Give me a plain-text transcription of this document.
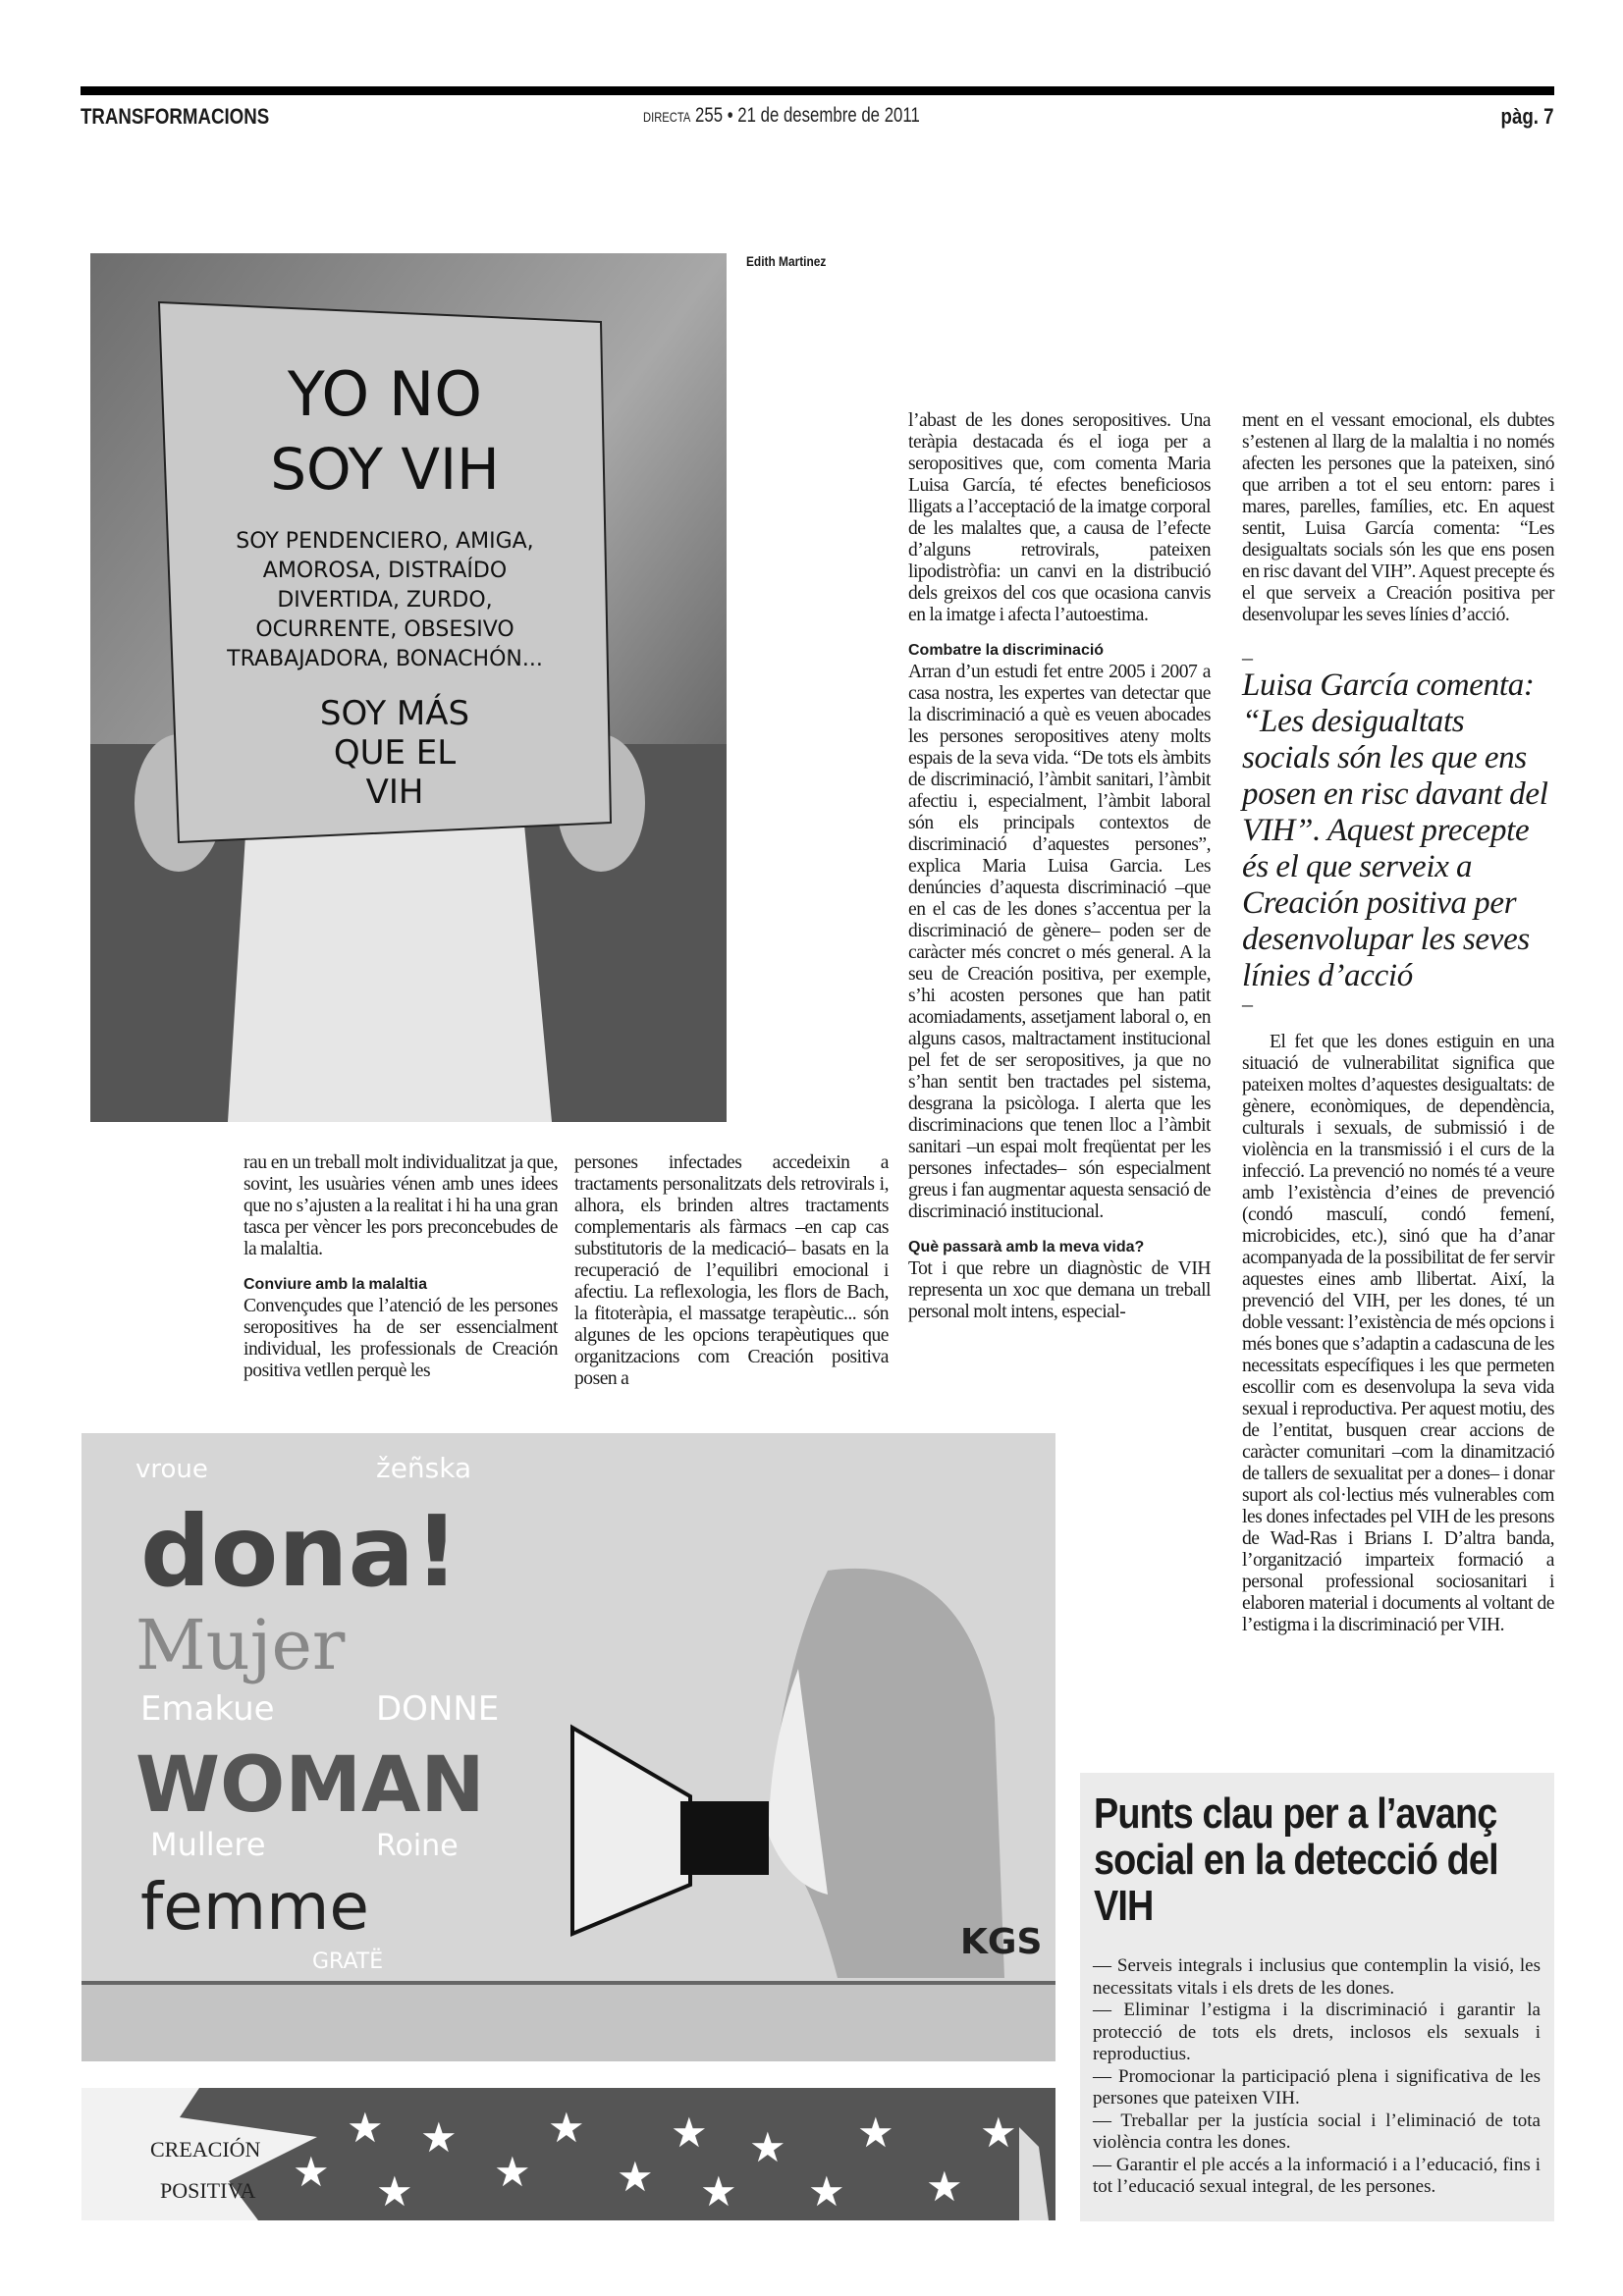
TRANSFORMACIONS	DIRECTA 255 • 21 de desembre de 2011	pàg. 7
YO NO
SOY VIH
SOY PENDENCIERO, AMIGA,
AMOROSA, DISTRAÍDO
DIVERTIDA, ZURDO,
OCURRENTE, OBSESIVO
TRABAJADORA, BONACHÓN...
SOY MÁS
QUE EL
VIH
Edith Martinez

rau en un treball molt individualitzat ja que, sovint, les usuàries vénen amb unes idees que no s’ajusten a la realitat i hi ha una gran tasca per vèncer les pors preconcebudes de la malaltia.

Conviure amb la malaltia

Convençudes que l’atenció de les persones seropositives ha de ser essencialment individual, les professionals de Creación positiva vetllen perquè les

persones infectades accedeixin a tractaments personalitzats dels retrovirals i, alhora, els brinden altres tractaments complementaris als fàrmacs –en cap cas substitutoris de la medicació– basats en la recuperació de l’equilibri emocional i afectiu. La reflexologia, les flors de Bach, la fitoteràpia, el massatge terapèutic... són algunes de les opcions terapèutiques que organitzacions com Creación positiva posen a

l’abast de les dones seropositives. Una teràpia destacada és el ioga per a seropositives que, com comenta Maria Luisa García, té efectes beneficiosos lligats a l’acceptació de la imatge corporal de les malaltes que, a causa de l’efecte d’alguns retrovirals, pateixen lipodistròfia: un canvi en la distribució dels greixos del cos que ocasiona canvis en la imatge i afecta l’autoestima.

Combatre la discriminació

Arran d’un estudi fet entre 2005 i 2007 a casa nostra, les expertes van detectar que la discriminació a què es veuen abocades les persones seropositives ateny molts espais de la seva vida. “De tots els àmbits de discriminació, l’àmbit sanitari, l’àmbit afectiu i, especialment, l’àmbit laboral són els principals contextos de discriminació d’aquestes persones”, explica Maria Luisa Garcia. Les denúncies d’aquesta discriminació –que en el cas de les dones s’accentua per la discriminació de gènere– poden ser de caràcter més concret o més general. A la seu de Creación positiva, per exemple, s’hi acosten persones que han patit acomiadaments, assetjament laboral o, en alguns casos, maltractament institucional pel fet de ser seropositives, ja que no s’han sentit ben tractades pel sistema, desgrana la psicòloga. I alerta que les discriminacions que tenen lloc a l’àmbit sanitari –un espai molt freqüentat per les persones infectades– són especialment greus i fan augmentar aquesta sensació de discriminació institucional.

Què passarà amb la meva vida?

Tot i que rebre un diagnòstic de VIH representa un xoc que demana un treball personal molt intens, especial-

ment en el vessant emocional, els dubtes s’estenen al llarg de la malaltia i no només afecten les persones que la pateixen, sinó que arriben a tot el seu entorn: pares i mares, parelles, famílies, etc. En aquest sentit, Luisa García comenta: “Les desigualtats socials són les que ens posen en risc davant del VIH”. Aquest precepte és el que serveix a Creación positiva per desenvolupar les seves línies d’acció.

–
Luisa García comenta: “Les desigualtats socials són les que ens posen en risc davant del VIH”. Aquest precepte és el que serveix a Creación positiva per desenvolupar les seves línies d’acció
–

El fet que les dones estiguin en una situació de vulnerabilitat significa que pateixen moltes d’aquestes desigualtats: de gènere, econòmiques, de dependència, culturals i sexuals, de submissió i de violència en la transmissió i el curs de la infecció. La prevenció no només té a veure amb l’existència d’eines de prevenció (condó masculí, condó femení, microbicides, etc.), sinó que ha d’anar acompanyada de la possibilitat de fer servir aquestes eines amb llibertat. Així, la prevenció del VIH, per les dones, té un doble vessant: l’existència de més opcions i més bones que s’adaptin a cadascuna de les necessitats específiques i les que permeten escollir com es desenvolupa la seva vida sexual i reproductiva. Per aquest motiu, des de l’entitat, busquen crear accions de caràcter comunitari –com la dinamització de tallers de sexualitat per a dones– i donar suport als col·lectius més vulnerables com les dones infectades pel VIH de les presons de Wad-Ras i Brians I. D’altra banda, l’organització imparteix formació a personal professional sociosanitari i elaboren material i documents al voltant de l’estigma i la discriminació per VIH.

vroue	žeñska
dona!
Mujer
Emakue	DONNE
WOMAN
Mullere	Roine
femme
GRATË	KGS
CREACIÓN
POSITIVA ★
★
★
★
★
★
★
★
★
★
★
★
★
★
Punts clau per a l’avanç social en la detecció del VIH
— Serveis integrals i inclusius que contemplin la visió, les necessitats vitals i els drets de les dones.
— Eliminar l’estigma i la discriminació i garantir la protecció de tots els drets, inclosos els sexuals i reproductius.
— Promocionar la participació plena i significativa de les persones que pateixen VIH.
— Treballar per la justícia social i l’eliminació de tota violència contra les dones.
— Garantir el ple accés a la informació i a l’educació, fins i tot l’educació sexual integral, de les persones.
